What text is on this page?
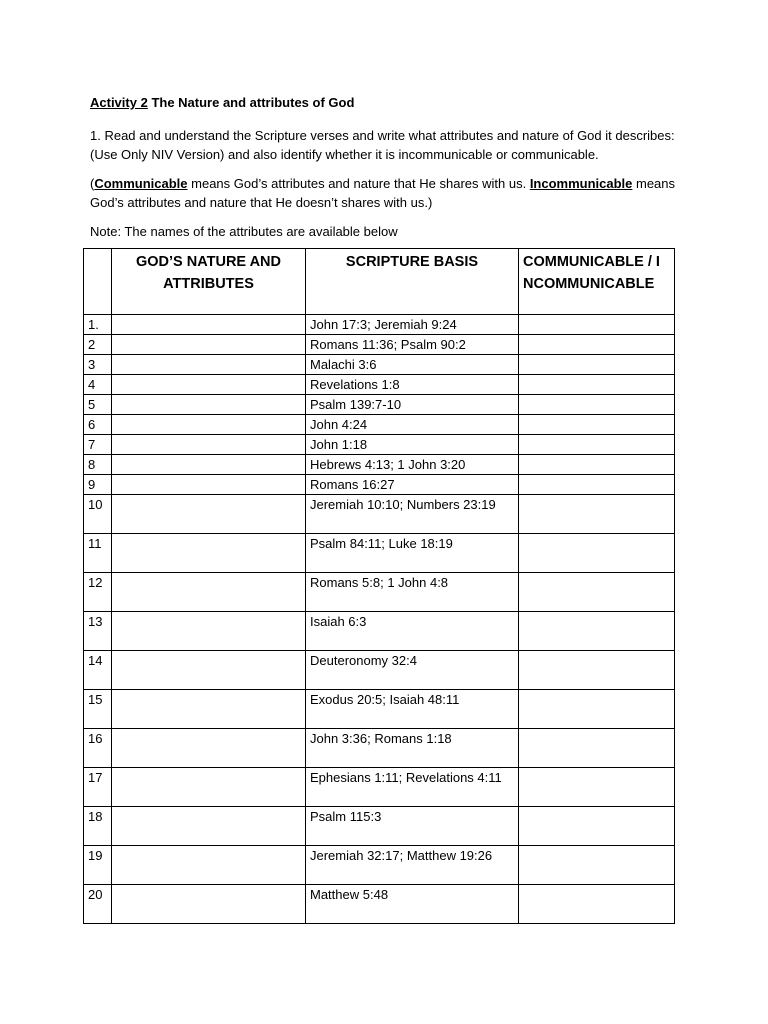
Activity 2 The Nature and attributes of God

1. Read and understand the Scripture verses and write what attributes and nature of God it describes: (Use Only NIV Version) and also identify whether it is incommunicable or communicable.

(Communicable means God’s attributes and nature that He shares with us. Incommunicable means God’s attributes and nature that He doesn’t shares with us.)

Note: The names of the attributes are available below

	GOD’S NATURE AND ATTRIBUTES	SCRIPTURE BASIS	COMMUNICABLE / INCOMMUNICABLE
1.		John 17:3; Jeremiah 9:24	
2		Romans 11:36; Psalm 90:2	
3		Malachi 3:6	
4		Revelations 1:8	
5		Psalm 139:7-10	
6		John 4:24	
7		John 1:18	
8		Hebrews 4:13; 1 John 3:20	
9		Romans 16:27	
10		Jeremiah 10:10; Numbers 23:19	
11		Psalm 84:11; Luke 18:19	
12		Romans 5:8; 1 John 4:8	
13		Isaiah 6:3	
14		Deuteronomy 32:4	
15		Exodus 20:5; Isaiah 48:11	
16		John 3:36; Romans 1:18	
17		Ephesians 1:11; Revelations 4:11	
18		Psalm 115:3	
19		Jeremiah 32:17; Matthew 19:26	
20		Matthew 5:48	
